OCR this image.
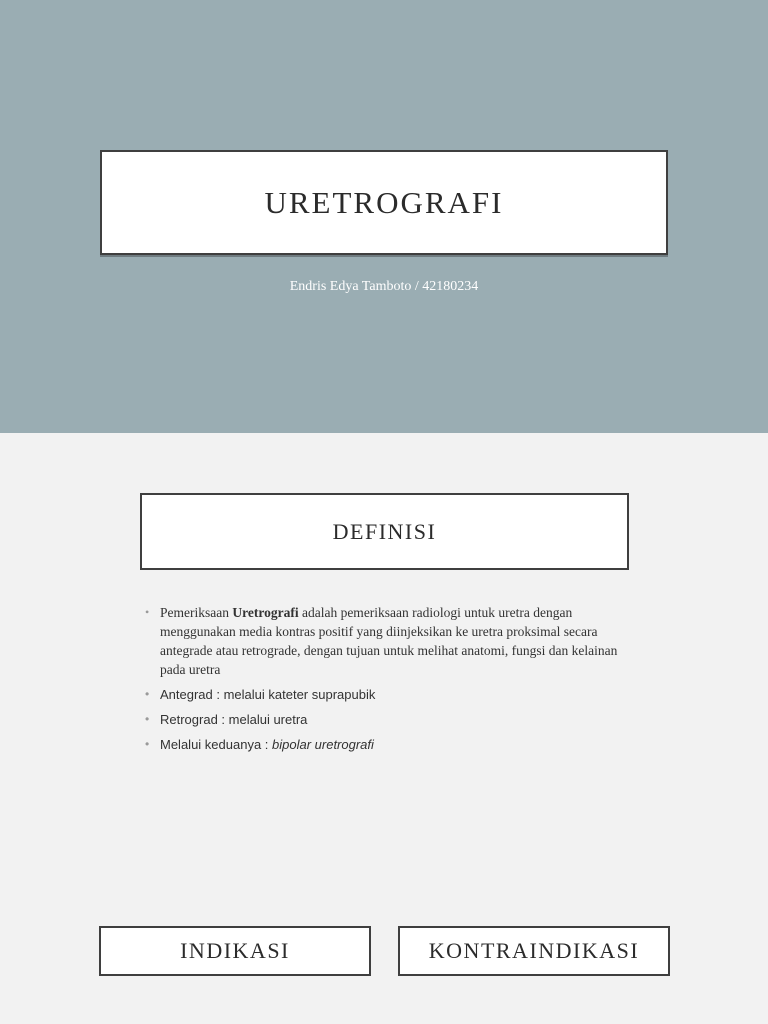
URETROGRAFI
Endris Edya Tamboto / 42180234
DEFINISI
• Pemeriksaan Uretrografi adalah pemeriksaan radiologi untuk uretra dengan menggunakan media kontras positif yang diinjeksikan ke uretra proksimal secara antegrade atau retrograde, dengan tujuan untuk melihat anatomi, fungsi dan kelainan pada uretra
• Antegrad : melalui kateter suprapubik
• Retrograd : melalui uretra
• Melalui keduanya : bipolar uretrografi
INDIKASI	KONTRAINDIKASI
